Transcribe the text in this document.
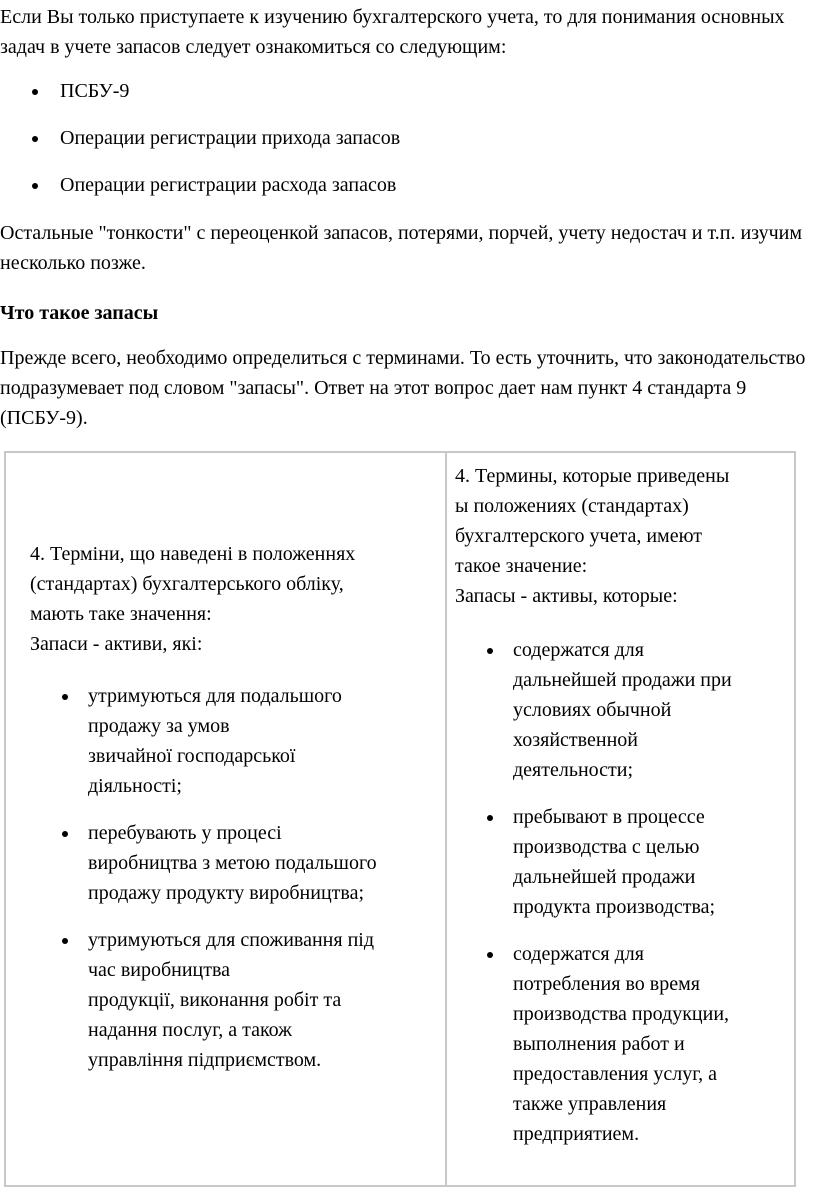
Если Вы только приступаете к изучению бухгалтерского учета, то для понимания основных задач в учете запасов следует ознакомиться со следующим:

ПСБУ-9
Операции регистрации прихода запасов
Операции регистрации расхода запасов

Остальные "тонкости" с переоценкой запасов, потерями, порчей, учету недостач и т.п. изучим несколько позже.

Что такое запасы

Прежде всего, необходимо определиться с терминами. То есть уточнить, что законодательство подразумевает под словом "запасы". Ответ на этот вопрос дает нам пункт 4 стандарта 9 (ПСБУ-9).

4. Терміни, що наведені в положеннях
(стандартах) бухгалтерського обліку,
мають таке значення:
Запаси - активи, які:

утримуються для подальшого
продажу за умов
звичайної господарської
діяльності;
перебувають у процесі
виробництва з метою подальшого
продажу продукту виробництва;
утримуються для споживання під
час виробництва
продукції, виконання робіт та
надання послуг, а також
управління підприємством.

4. Термины, которые приведены
ы положениях (стандартах)
бухгалтерского учета, имеют
такое значение:
Запасы - активы, которые:

содержатся для
дальнейшей продажи при
условиях обычной
хозяйственной
деятельности;
пребывают в процессе
производства с целью
дальнейшей продажи
продукта производства;
содержатся для
потребления во время
производства продукции,
выполнения работ и
предоставления услуг, а
также управления
предприятием.
